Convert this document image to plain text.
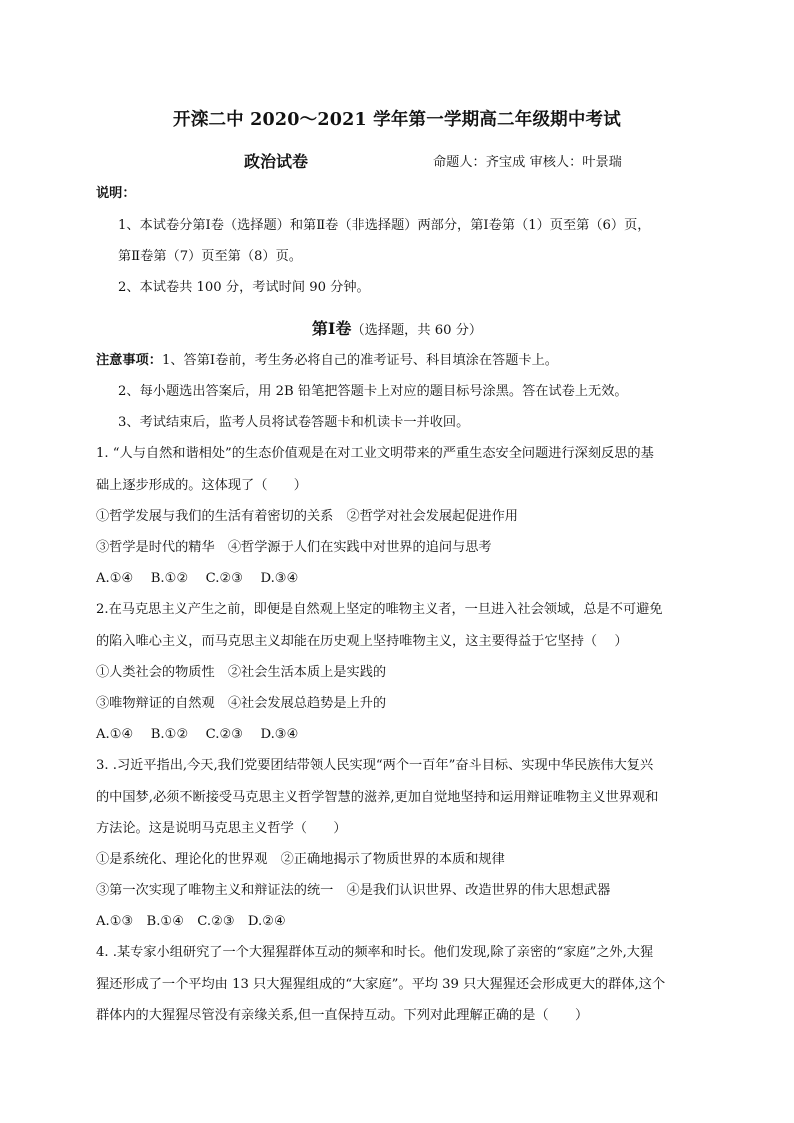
开滦二中 2020～2021 学年第一学期高二年级期中考试
政治试卷	命题人：齐宝成 审核人：叶景瑞
说明：
1、本试卷分第Ⅰ卷（选择题）和第Ⅱ卷（非选择题）两部分，第Ⅰ卷第（1）页至第（6）页，
第Ⅱ卷第（7）页至第（8）页。
2、本试卷共 100 分，考试时间 90 分钟。
第Ⅰ卷（选择题，共 60 分）
注意事项：1、答第Ⅰ卷前，考生务必将自己的准考证号、科目填涂在答题卡上。
2、每小题选出答案后，用 2B 铅笔把答题卡上对应的题目标号涂黑。答在试卷上无效。
3、考试结束后，监考人员将试卷答题卡和机读卡一并收回。
1. “人与自然和谐相处”的生态价值观是在对工业文明带来的严重生态安全问题进行深刻反思的基
础上逐步形成的。这体现了（　　）
①哲学发展与我们的生活有着密切的关系　②哲学对社会发展起促进作用
③哲学是时代的精华　④哲学源于人们在实践中对世界的追问与思考
A.①④　 B.①②　 C.②③　 D.③④
2.在马克思主义产生之前，即便是自然观上坚定的唯物主义者，一旦进入社会领域，总是不可避免
的陷入唯心主义，而马克思主义却能在历史观上坚持唯物主义，这主要得益于它坚持（　 ）
①人类社会的物质性　②社会生活本质上是实践的
③唯物辩证的自然观　④社会发展总趋势是上升的
A.①④　 B.①②　 C.②③　 D.③④
3. .习近平指出,今天,我们党要团结带领人民实现“两个一百年”奋斗目标、实现中华民族伟大复兴
的中国梦,必须不断接受马克思主义哲学智慧的滋养,更加自觉地坚持和运用辩证唯物主义世界观和
方法论。这是说明马克思主义哲学（　　）
①是系统化、理论化的世界观　②正确地揭示了物质世界的本质和规律
③第一次实现了唯物主义和辩证法的统一　④是我们认识世界、改造世界的伟大思想武器
A.①③　B.①④　C.②③　D.②④
4. .某专家小组研究了一个大猩猩群体互动的频率和时长。他们发现,除了亲密的“家庭”之外,大猩
猩还形成了一个平均由 13 只大猩猩组成的“大家庭”。平均 39 只大猩猩还会形成更大的群体,这个
群体内的大猩猩尽管没有亲缘关系,但一直保持互动。下列对此理解正确的是（　　）
